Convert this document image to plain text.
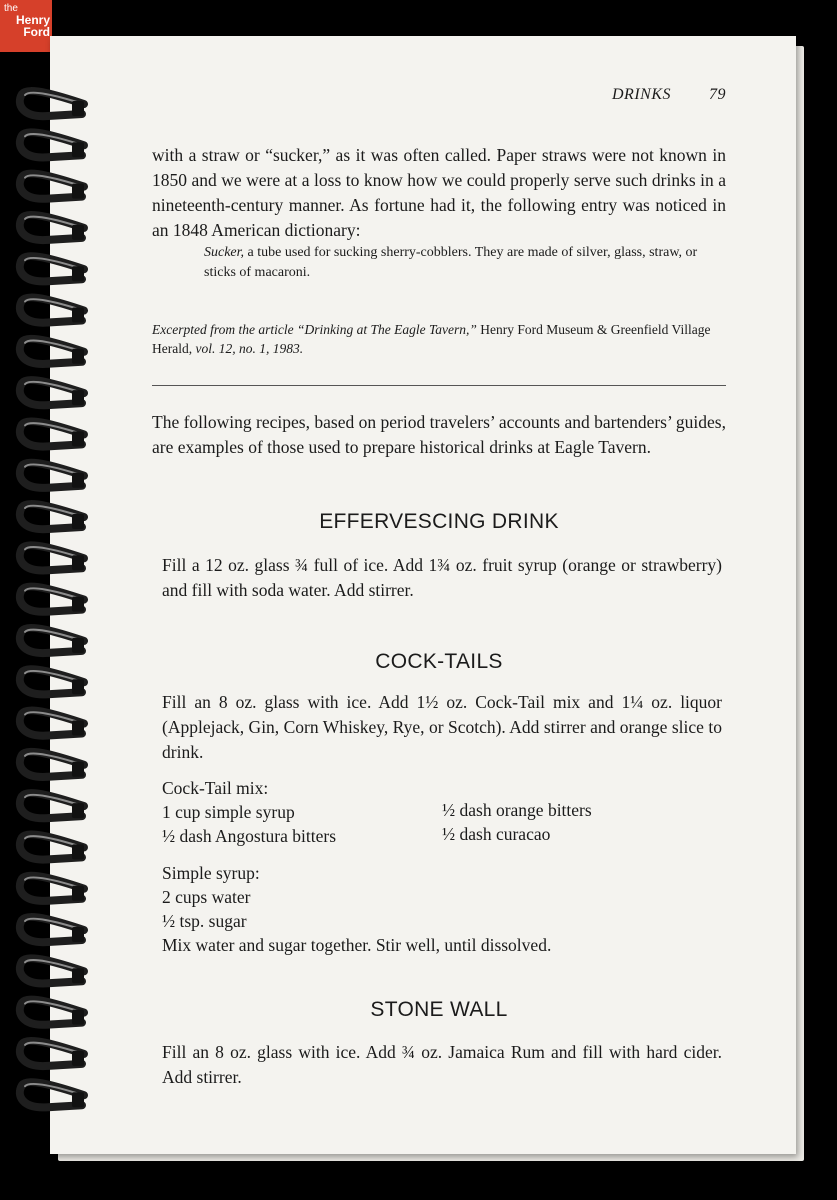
the
Henry Ford
DRINKS 79
with a straw or “sucker,” as it was often called. Paper straws were not known in 1850 and we were at a loss to know how we could properly serve such drinks in a nineteenth-century manner. As fortune had it, the following entry was noticed in an 1848 American dictionary:
Sucker, a tube used for sucking sherry-cobblers. They are made of silver, glass, straw, or sticks of macaroni.
Excerpted from the article “Drinking at The Eagle Tavern,” Henry Ford Museum & Greenfield Village Herald, vol. 12, no. 1, 1983.
The following recipes, based on period travelers’ accounts and bartenders’ guides, are examples of those used to prepare historical drinks at Eagle Tavern.
EFFERVESCING DRINK
Fill a 12 oz. glass ¾ full of ice. Add 1¾ oz. fruit syrup (orange or strawberry) and fill with soda water. Add stirrer.
COCK-TAILS
Fill an 8 oz. glass with ice. Add 1½ oz. Cock-Tail mix and 1¼ oz. liquor (Applejack, Gin, Corn Whiskey, Rye, or Scotch). Add stirrer and orange slice to drink.
Cock-Tail mix:
1 cup simple syrup
½ dash Angostura bitters
½ dash orange bitters
½ dash curacao
Simple syrup:
2 cups water
½ tsp. sugar
Mix water and sugar together. Stir well, until dissolved.
STONE WALL
Fill an 8 oz. glass with ice. Add ¾ oz. Jamaica Rum and fill with hard cider. Add stirrer.
